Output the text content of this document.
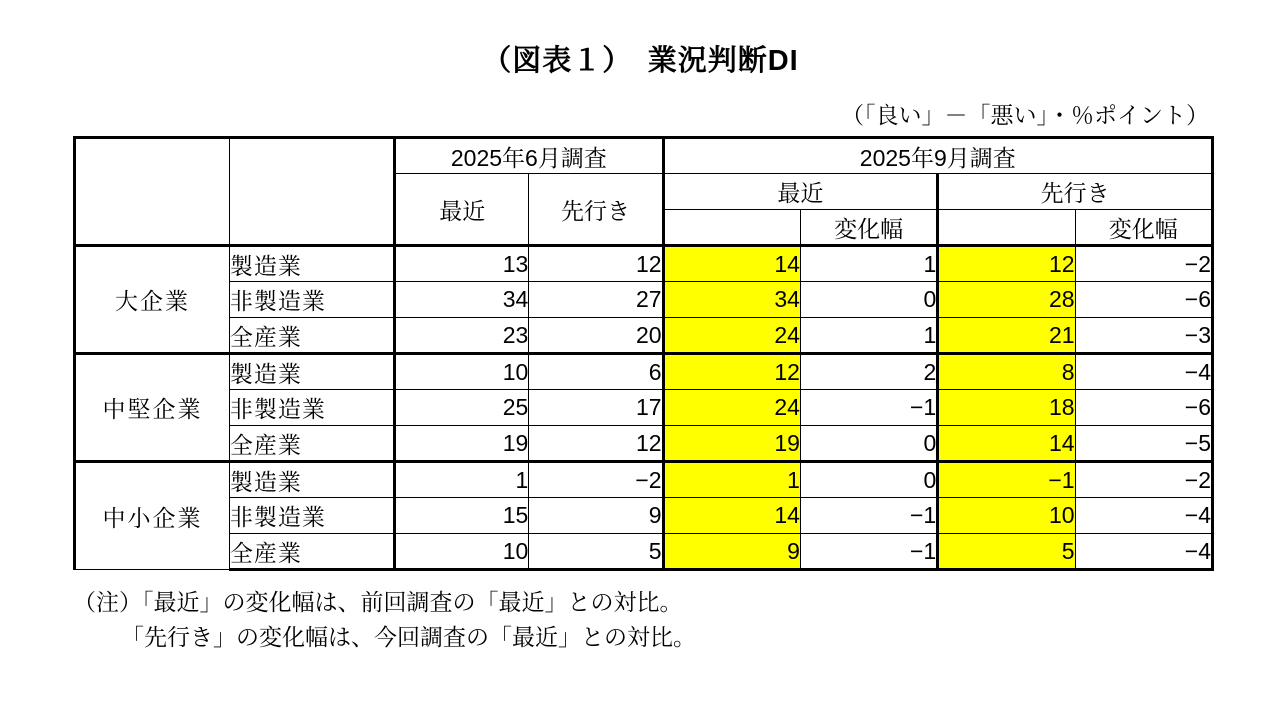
（図表１）　業況判断DI
（「良い」－「悪い」・％ポイント）
		2025年6月調査		2025年9月調査			
		最近	先行き	最近		先行き	
					変化幅		変化幅
大企業	製造業	13	12	14	1	12	−2
	非製造業	34	27	34	0	28	−6
	全産業	23	20	24	1	21	−3
中堅企業	製造業	10	6	12	2	8	−4
	非製造業	25	17	24	−1	18	−6
	全産業	19	12	19	0	14	−5
中小企業	製造業	1	−2	1	0	−1	−2
	非製造業	15	9	14	−1	10	−4
	全産業	10	5	9	−1	5	−4
（注）「最近」の変化幅は、前回調査の「最近」との対比。
「先行き」の変化幅は、今回調査の「最近」との対比。
